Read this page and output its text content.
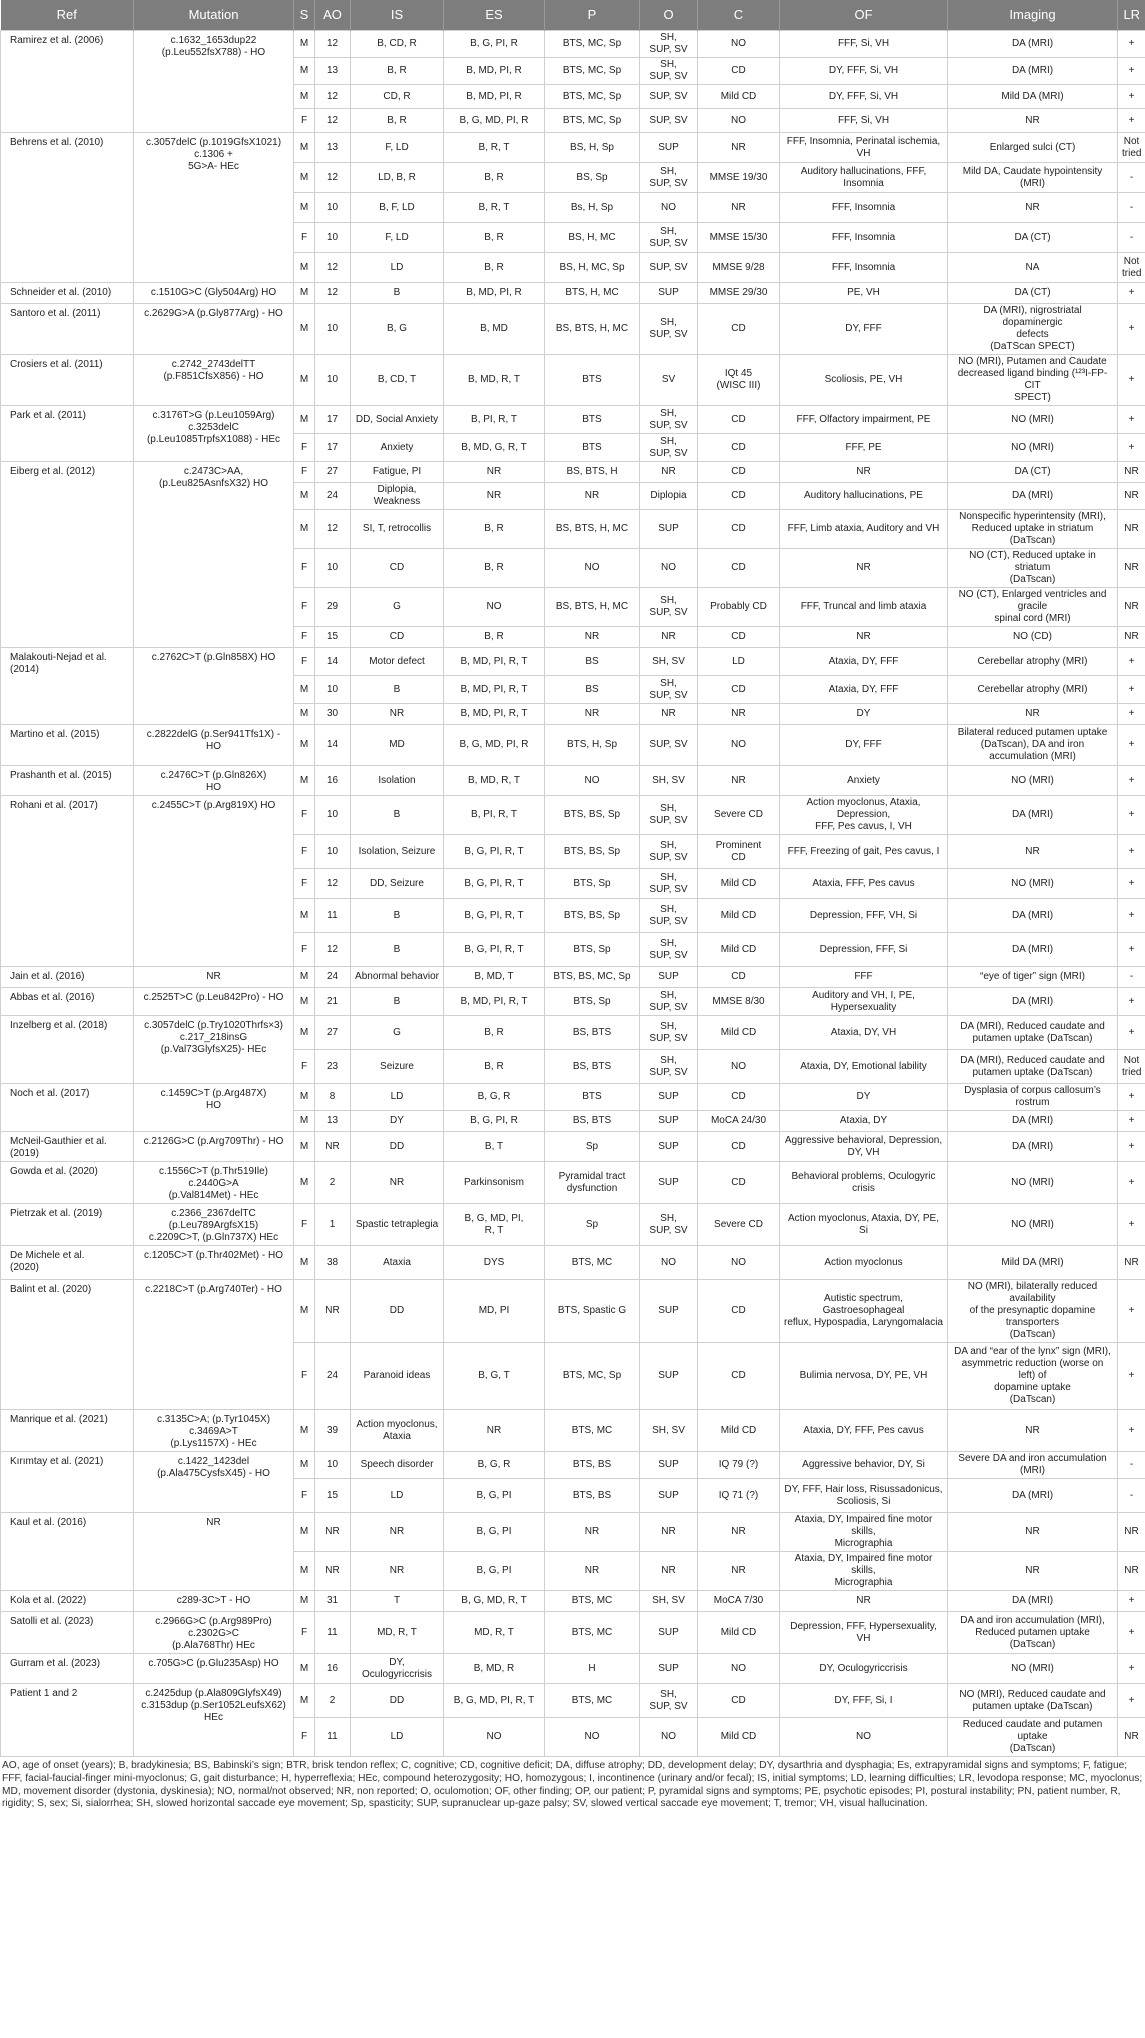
Ref	Mutation	S	AO	IS	ES	P	O	C	OF	Imaging	LR
Ramirez et al. (2006)	c.1632_1653dup22 (p.Leu552fsX788) - HO	M	12	B, CD, R	B, G, PI, R	BTS, MC, Sp	SH,
SUP, SV	NO	FFF, Si, VH	DA (MRI)	+
		M	13	B, R	B, MD, PI, R	BTS, MC, Sp	SH,
SUP, SV	CD	DY, FFF, Si, VH	DA (MRI)	+
		M	12	CD, R	B, MD, PI, R	BTS, MC, Sp	SUP, SV	Mild CD	DY, FFF, Si, VH	Mild DA (MRI)	+
		F	12	B, R	B, G, MD, PI, R	BTS, MC, Sp	SUP, SV	NO	FFF, Si, VH	NR	+
Behrens et al. (2010)	c.3057delC (p.1019GfsX1021) c.1306 +
5G>A- HEc	M	13	F, LD	B, R, T	BS, H, Sp	SUP	NR	FFF, Insomnia, Perinatal ischemia, VH	Enlarged sulci (CT)	Not
tried
		M	12	LD, B, R	B, R	BS, Sp	SH,
SUP, SV	MMSE 19/30	Auditory hallucinations, FFF, Insomnia	Mild DA, Caudate hypointensity (MRI)	-
		M	10	B, F, LD	B, R, T	Bs, H, Sp	NO	NR	FFF, Insomnia	NR	-
		F	10	F, LD	B, R	BS, H, MC	SH,
SUP, SV	MMSE 15/30	FFF, Insomnia	DA (CT)	-
		M	12	LD	B, R	BS, H, MC, Sp	SUP, SV	MMSE 9/28	FFF, Insomnia	NA	Not
tried
Schneider et al. (2010)	c.1510G>C (Gly504Arg) HO	M	12	B	B, MD, PI, R	BTS, H, MC	SUP	MMSE 29/30	PE, VH	DA (CT)	+
Santoro et al. (2011)	c.2629G>A (p.Gly877Arg) - HO	M	10	B, G	B, MD	BS, BTS, H, MC	SH,
SUP, SV	CD	DY, FFF	DA (MRI), nigrostriatal dopaminergic
defects
(DaTScan SPECT)	+
Crosiers et al. (2011)	c.2742_2743delTT (p.F851CfsX856) - HO	M	10	B, CD, T	B, MD, R, T	BTS	SV	IQt 45
(WISC III)	Scoliosis, PE, VH	NO (MRI), Putamen and Caudate
decreased ligand binding (¹²³I-FP-CIT
SPECT)	+
Park et al. (2011)	c.3176T>G (p.Leu1059Arg)
c.3253delC (p.Leu1085TrpfsX1088) - HEc	M	17	DD, Social Anxiety	B, PI, R, T	BTS	SH,
SUP, SV	CD	FFF, Olfactory impairment, PE	NO (MRI)	+
		F	17	Anxiety	B, MD, G, R, T	BTS	SH,
SUP, SV	CD	FFF, PE	NO (MRI)	+
Eiberg et al. (2012)	c.2473C>AA, (p.Leu825AsnfsX32) HO	F	27	Fatigue, PI	NR	BS, BTS, H	NR	CD	NR	DA (CT)	NR
		M	24	Diplopia, Weakness	NR	NR	Diplopia	CD	Auditory hallucinations, PE	DA (MRI)	NR
		M	12	SI, T, retrocollis	B, R	BS, BTS, H, MC	SUP	CD	FFF, Limb ataxia, Auditory and VH	Nonspecific hyperintensity (MRI),
Reduced uptake in striatum (DaTscan)	NR
		F	10	CD	B, R	NO	NO	CD	NR	NO (CT), Reduced uptake in striatum
(DaTscan)	NR
		F	29	G	NO	BS, BTS, H, MC	SH,
SUP, SV	Probably CD	FFF, Truncal and limb ataxia	NO (CT), Enlarged ventricles and gracile
spinal cord (MRI)	NR
		F	15	CD	B, R	NR	NR	CD	NR	NO (CD)	NR
Malakouti-Nejad et al.
(2014)	c.2762C>T (p.Gln858X) HO	F	14	Motor defect	B, MD, PI, R, T	BS	SH, SV	LD	Ataxia, DY, FFF	Cerebellar atrophy (MRI)	+
		M	10	B	B, MD, PI, R, T	BS	SH,
SUP, SV	CD	Ataxia, DY, FFF	Cerebellar atrophy (MRI)	+
		M	30	NR	B, MD, PI, R, T	NR	NR	NR	DY	NR	+
Martino et al. (2015)	c.2822delG (p.Ser941Tfs1X) - HO	M	14	MD	B, G, MD, PI, R	BTS, H, Sp	SUP, SV	NO	DY, FFF	Bilateral reduced putamen uptake
(DaTscan), DA and iron
accumulation (MRI)	+
Prashanth et al. (2015)	c.2476C>T (p.Gln826X)
HO	M	16	Isolation	B, MD, R, T	NO	SH, SV	NR	Anxiety	NO (MRI)	+
Rohani et al. (2017)	c.2455C>T (p.Arg819X) HO	F	10	B	B, PI, R, T	BTS, BS, Sp	SH,
SUP, SV	Severe CD	Action myoclonus, Ataxia, Depression,
FFF, Pes cavus, I, VH	DA (MRI)	+
		F	10	Isolation, Seizure	B, G, PI, R, T	BTS, BS, Sp	SH,
SUP, SV	Prominent
CD	FFF, Freezing of gait, Pes cavus, I	NR	+
		F	12	DD, Seizure	B, G, PI, R, T	BTS, Sp	SH,
SUP, SV	Mild CD	Ataxia, FFF, Pes cavus	NO (MRI)	+
		M	11	B	B, G, PI, R, T	BTS, BS, Sp	SH,
SUP, SV	Mild CD	Depression, FFF, VH, Si	DA (MRI)	+
		F	12	B	B, G, PI, R, T	BTS, Sp	SH,
SUP, SV	Mild CD	Depression, FFF, Si	DA (MRI)	+
Jain et al. (2016)	NR	M	24	Abnormal behavior	B, MD, T	BTS, BS, MC, Sp	SUP	CD	FFF	“eye of tiger” sign (MRI)	-
Abbas et al. (2016)	c.2525T>C (p.Leu842Pro) - HO	M	21	B	B, MD, PI, R, T	BTS, Sp	SH,
SUP, SV	MMSE 8/30	Auditory and VH, I, PE, Hypersexuality	DA (MRI)	+
Inzelberg et al. (2018)	c.3057delC (p.Try1020Thrfs×3)
c.217_218insG (p.Val73GlyfsX25)- HEc	M	27	G	B, R	BS, BTS	SH,
SUP, SV	Mild CD	Ataxia, DY, VH	DA (MRI), Reduced caudate and
putamen uptake (DaTscan)	+
		F	23	Seizure	B, R	BS, BTS	SH,
SUP, SV	NO	Ataxia, DY, Emotional lability	DA (MRI), Reduced caudate and
putamen uptake (DaTscan)	Not
tried
Noch et al. (2017)	c.1459C>T (p.Arg487X)
HO	M	8	LD	B, G, R	BTS	SUP	CD	DY	Dysplasia of corpus callosum’s rostrum	+
		M	13	DY	B, G, PI, R	BS, BTS	SUP	MoCA 24/30	Ataxia, DY	DA (MRI)	+
McNeil-Gauthier et al.
(2019)	c.2126G>C (p.Arg709Thr) - HO	M	NR	DD	B, T	Sp	SUP	CD	Aggressive behavioral, Depression,
DY, VH	DA (MRI)	+
Gowda et al. (2020)	c.1556C>T (p.Thr519Ile) c.2440G>A
(p.Val814Met) - HEc	M	2	NR	Parkinsonism	Pyramidal tract
dysfunction	SUP	CD	Behavioral problems, Oculogyric crisis	NO (MRI)	+
Pietrzak et al. (2019)	c.2366_2367delTC (p.Leu789ArgfsX15)
c.2209C>T, (p.Gln737X) HEc	F	1	Spastic tetraplegia	B, G, MD, PI,
R, T	Sp	SH,
SUP, SV	Severe CD	Action myoclonus, Ataxia, DY, PE, Si	NO (MRI)	+
De Michele et al.
(2020)	c.1205C>T (p.Thr402Met) - HO	M	38	Ataxia	DYS	BTS, MC	NO	NO	Action myoclonus	Mild DA (MRI)	NR
Balint et al. (2020)	c.2218C>T (p.Arg740Ter) - HO	M	NR	DD	MD, PI	BTS, Spastic G	SUP	CD	Autistic spectrum, Gastroesophageal
reflux, Hypospadia, Laryngomalacia	NO (MRI), bilaterally reduced availability
of the presynaptic dopamine transporters
(DaTscan)	+
		F	24	Paranoid ideas	B, G, T	BTS, MC, Sp	SUP	CD	Bulimia nervosa, DY, PE, VH	DA and “ear of the lynx” sign (MRI),
asymmetric reduction (worse on left) of
dopamine uptake
(DaTscan)	+
Manrique et al. (2021)	c.3135C>A; (p.Tyr1045X) c.3469A>T
(p.Lys1157X) - HEc	M	39	Action myoclonus,
Ataxia	NR	BTS, MC	SH, SV	Mild CD	Ataxia, DY, FFF, Pes cavus	NR	+
Kırımtay et al. (2021)	c.1422_1423del (p.Ala475CysfsX45) - HO	M	10	Speech disorder	B, G, R	BTS, BS	SUP	IQ 79 (?)	Aggressive behavior, DY, Si	Severe DA and iron accumulation (MRI)	-
		F	15	LD	B, G, PI	BTS, BS	SUP	IQ 71 (?)	DY, FFF, Hair loss, Risussadonicus,
Scoliosis, Si	DA (MRI)	-
Kaul et al. (2016)	NR	M	NR	NR	B, G, PI	NR	NR	NR	Ataxia, DY, Impaired fine motor skills,
Micrographia	NR	NR
		M	NR	NR	B, G, PI	NR	NR	NR	Ataxia, DY, Impaired fine motor skills,
Micrographia	NR	NR
Kola et al. (2022)	c289-3C>T - HO	M	31	T	B, G, MD, R, T	BTS, MC	SH, SV	MoCA 7/30	NR	DA (MRI)	+
Satolli et al. (2023)	c.2966G>C (p.Arg989Pro) c.2302G>C
(p.Ala768Thr) HEc	F	11	MD, R, T	MD, R, T	BTS, MC	SUP	Mild CD	Depression, FFF, Hypersexuality, VH	DA and iron accumulation (MRI),
Reduced putamen uptake (DaTscan)	+
Gurram et al. (2023)	c.705G>C (p.Glu235Asp) HO	M	16	DY,
Oculogyriccrisis	B, MD, R	H	SUP	NO	DY, Oculogyriccrisis	NO (MRI)	+
Patient 1 and 2	c.2425dup (p.Ala809GlyfsX49)
c.3153dup (p.Ser1052LeufsX62) HEc	M	2	DD	B, G, MD, PI, R, T	BTS, MC	SH,
SUP, SV	CD	DY, FFF, Si, I	NO (MRI), Reduced caudate and
putamen uptake (DaTscan)	+
		F	11	LD	NO	NO	NO	Mild CD	NO	Reduced caudate and putamen uptake
(DaTscan)	NR
AO, age of onset (years); B, bradykinesia; BS, Babinski’s sign; BTR, brisk tendon reflex; C, cognitive; CD, cognitive deficit; DA, diffuse atrophy; DD, development delay; DY, dysarthria and dysphagia; Es, extrapyramidal signs and symptoms; F, fatigue; FFF, facial-faucial-finger mini-myoclonus; G, gait disturbance; H, hyperreflexia; HEc, compound heterozygosity; HO, homozygous; I, incontinence (urinary and/or fecal); IS, initial symptoms; LD, learning difficulties; LR, levodopa response; MC, myoclonus; MD, movement disorder (dystonia, dyskinesia); NO, normal/not observed; NR, non reported; O, oculomotion; OF, other finding; OP, our patient; P, pyramidal signs and symptoms; PE, psychotic episodes; PI, postural instability; PN, patient number, R, rigidity; S, sex; Si, sialorrhea; SH, slowed horizontal saccade eye movement; Sp, spasticity; SUP, supranuclear up-gaze palsy; SV, slowed vertical saccade eye movement; T, tremor; VH, visual hallucination.
